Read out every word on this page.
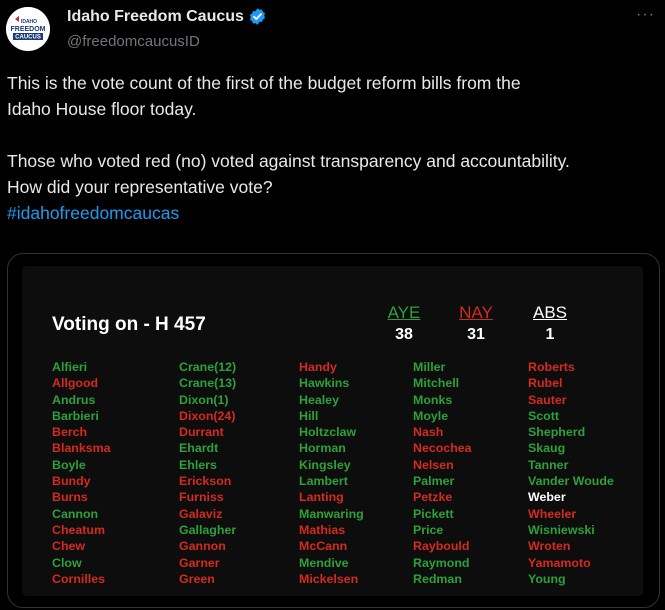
IDAHO
FREEDOM
CAUCUS
Idaho Freedom Caucus
@freedomcaucusID
···

This is the vote count of the first of the budget reform bills from the

Idaho House floor today.

Those who voted red (no) voted against transparency and accountability.

How did your representative vote?

#idahofreedomcaucas

Voting on - H 457
AYE
38
NAY
31
ABS
1
Alfieri
Allgood
Andrus
Barbieri
Berch
Blanksma
Boyle
Bundy
Burns
Cannon
Cheatum
Chew
Clow
Cornilles
Crane(12)
Crane(13)
Dixon(1)
Dixon(24)
Durrant
Ehardt
Ehlers
Erickson
Furniss
Galaviz
Gallagher
Gannon
Garner
Green
Handy
Hawkins
Healey
Hill
Holtzclaw
Horman
Kingsley
Lambert
Lanting
Manwaring
Mathias
McCann
Mendive
Mickelsen
Miller
Mitchell
Monks
Moyle
Nash
Necochea
Nelsen
Palmer
Petzke
Pickett
Price
Raybould
Raymond
Redman
Roberts
Rubel
Sauter
Scott
Shepherd
Skaug
Tanner
Vander Woude
Weber
Wheeler
Wisniewski
Wroten
Yamamoto
Young
